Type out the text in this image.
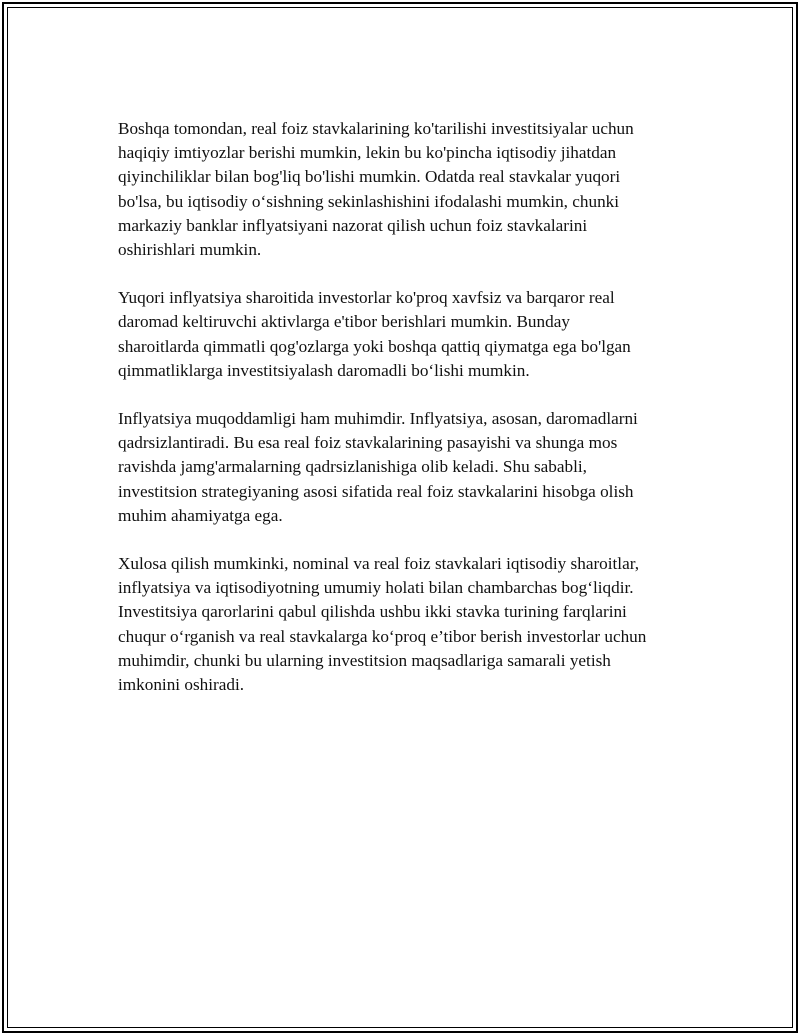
Boshqa tomondan, real foiz stavkalarining ko'tarilishi investitsiyalar uchun
haqiqiy imtiyozlar berishi mumkin, lekin bu ko'pincha iqtisodiy jihatdan
qiyinchiliklar bilan bog'liq bo'lishi mumkin. Odatda real stavkalar yuqori
bo'lsa, bu iqtisodiy o‘sishning sekinlashishini ifodalashi mumkin, chunki
markaziy banklar inflyatsiyani nazorat qilish uchun foiz stavkalarini
oshirishlari mumkin.

Yuqori inflyatsiya sharoitida investorlar ko'proq xavfsiz va barqaror real
daromad keltiruvchi aktivlarga e'tibor berishlari mumkin. Bunday
sharoitlarda qimmatli qog'ozlarga yoki boshqa qattiq qiymatga ega bo'lgan
qimmatliklarga investitsiyalash daromadli bo‘lishi mumkin.

Inflyatsiya muqoddamligi ham muhimdir. Inflyatsiya, asosan, daromadlarni
qadrsizlantiradi. Bu esa real foiz stavkalarining pasayishi va shunga mos
ravishda jamg'armalarning qadrsizlanishiga olib keladi. Shu sababli,
investitsion strategiyaning asosi sifatida real foiz stavkalarini hisobga olish
muhim ahamiyatga ega.

Xulosa qilish mumkinki, nominal va real foiz stavkalari iqtisodiy sharoitlar,
inflyatsiya va iqtisodiyotning umumiy holati bilan chambarchas bog‘liqdir.
Investitsiya qarorlarini qabul qilishda ushbu ikki stavka turining farqlarini
chuqur o‘rganish va real stavkalarga ko‘proq e’tibor berish investorlar uchun
muhimdir, chunki bu ularning investitsion maqsadlariga samarali yetish
imkonini oshiradi.
